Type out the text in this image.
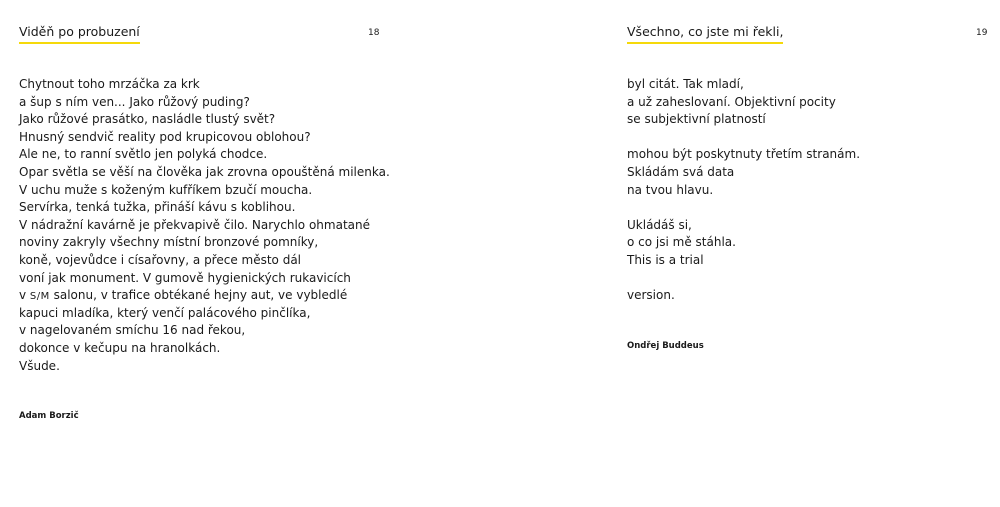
Viděň po probuzení	18
Chytnout toho mrzáčka za krk
a šup s ním ven... Jako růžový puding?
Jako růžové prasátko, nasládle tlustý svět?
Hnusný sendvič reality pod krupicovou oblohou?
Ale ne, to ranní světlo jen polyká chodce.
Opar světla se věší na člověka jak zrovna opouštěná milenka.
V uchu muže s koženým kufříkem bzučí moucha.
Servírka, tenká tužka, přináší kávu s koblihou.
V nádražní kavárně je překvapivě čilo. Narychlo ohmatané
noviny zakryly všechny místní bronzové pomníky,
koně, vojevůdce i císařovny, a přece město dál
voní jak monument. V gumově hygienických rukavicích
v S/M salonu, v trafice obtékané hejny aut, ve vybledlé
kapuci mladíka, který venčí palácového pinčlíka,
v nagelovaném smíchu 16 nad řekou,
dokonce v kečupu na hranolkách.
Všude.
Adam Borzič
Všechno, co jste mi řekli,	19
byl citát. Tak mladí,
a už zaheslovaní. Objektivní pocity
se subjektivní platností
mohou být poskytnuty třetím stranám.
Skládám svá data
na tvou hlavu.
Ukládáš si,
o co jsi mě stáhla.
This is a trial
version.
Ondřej Buddeus
